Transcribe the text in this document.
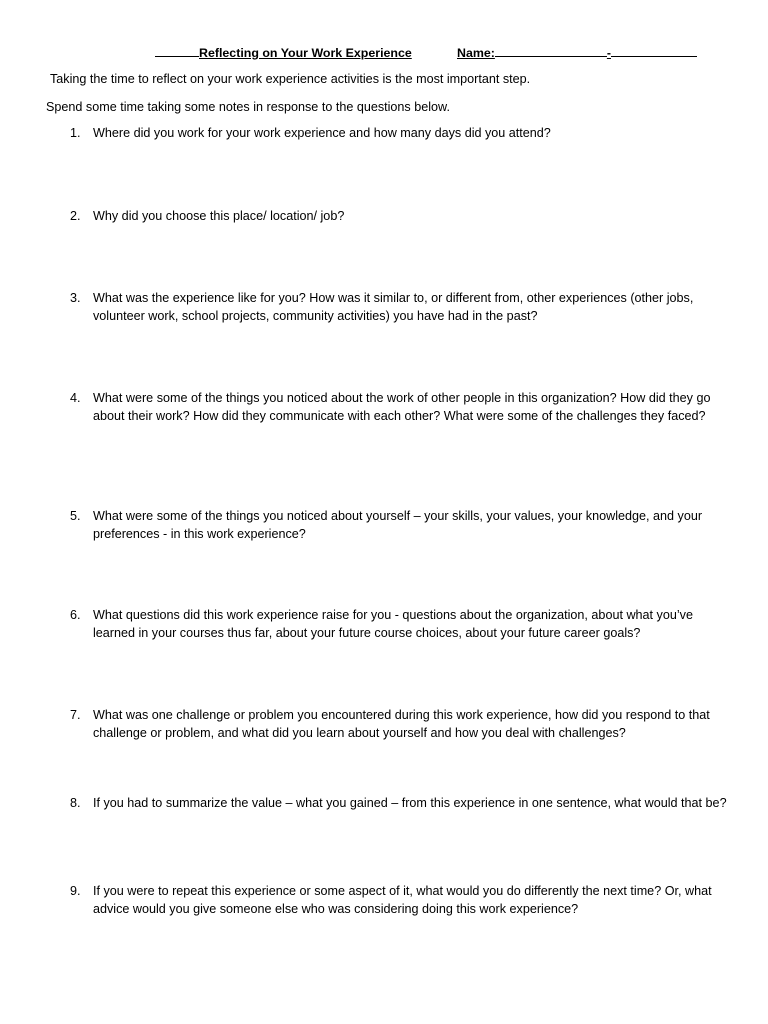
Reflecting on Your Work Experience	Name:	-
Taking the time to reflect on your work experience activities is the most important step.
Spend some time taking some notes in response to the questions below.
1. Where did you work for your work experience and how many days did you attend?
2. Why did you choose this place/ location/ job?
3. What was the experience like for you? How was it similar to, or different from, other experiences (other jobs, volunteer work, school projects, community activities) you have had in the past?
4. What were some of the things you noticed about the work of other people in this organization? How did they go about their work? How did they communicate with each other? What were some of the challenges they faced?
5. What were some of the things you noticed about yourself – your skills, your values, your knowledge, and your preferences - in this work experience?
6. What questions did this work experience raise for you - questions about the organization, about what you’ve learned in your courses thus far, about your future course choices, about your future career goals?
7. What was one challenge or problem you encountered during this work experience, how did you respond to that challenge or problem, and what did you learn about yourself and how you deal with challenges?
8. If you had to summarize the value – what you gained – from this experience in one sentence, what would that be?
9. If you were to repeat this experience or some aspect of it, what would you do differently the next time? Or, what advice would you give someone else who was considering doing this work experience?
